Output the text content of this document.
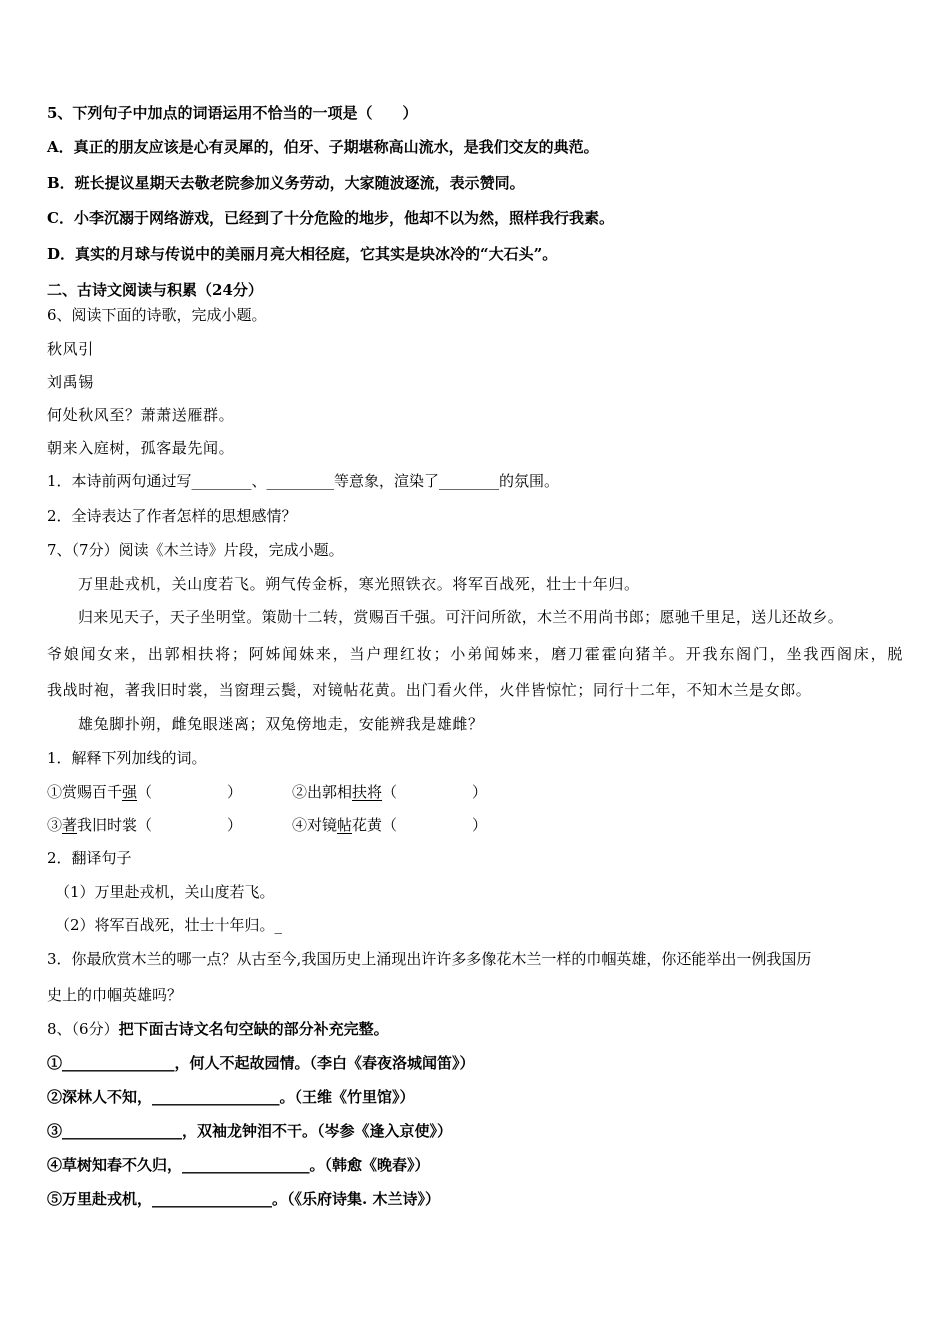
5、下列句子中加点的词语运用不恰当的一项是（　　）
A．真正的朋友应该是心有灵犀的，伯牙、子期堪称高山流水，是我们交友的典范。
B．班长提议星期天去敬老院参加义务劳动，大家随波逐流，表示赞同。
C．小李沉溺于网络游戏，已经到了十分危险的地步，他却不以为然，照样我行我素。
D．真实的月球与传说中的美丽月亮大相径庭，它其实是块冰冷的“大石头”。
二、古诗文阅读与积累（24分）
6、阅读下面的诗歌，完成小题。
秋风引
刘禹锡
何处秋风至？萧萧送雁群。
朝来入庭树，孤客最先闻。
1．本诗前两句通过写________、_________等意象，渲染了________的氛围。
2．全诗表达了作者怎样的思想感情？
7、（7分）阅读《木兰诗》片段，完成小题。
万里赴戎机，关山度若飞。朔气传金柝，寒光照铁衣。将军百战死，壮士十年归。
归来见天子，天子坐明堂。策勋十二转，赏赐百千强。可汗问所欲，木兰不用尚书郎；愿驰千里足，送儿还故乡。
爷娘闻女来，出郭相扶将；阿姊闻妹来，当户理红妆；小弟闻姊来，磨刀霍霍向猪羊。开我东阁门，坐我西阁床，脱
我战时袍，著我旧时裳，当窗理云鬓，对镜帖花黄。出门看火伴，火伴皆惊忙；同行十二年，不知木兰是女郎。
雄兔脚扑朔，雌兔眼迷离；双兔傍地走，安能辨我是雄雌？
1．解释下列加线的词。
①赏赐百千强（　　　　　）	②出郭相扶将（　　　　　）
③著我旧时裳（　　　　　）	④对镜帖花黄（　　　　　）
2．翻译句子
（1）万里赴戎机，关山度若飞。
（2）将军百战死，壮士十年归。_
3．你最欣赏木兰的哪一点？从古至今,我国历史上涌现出许许多多像花木兰一样的巾帼英雄，你还能举出一例我国历
史上的巾帼英雄吗？
8、（6分）把下面古诗文名句空缺的部分补充完整。
①_______________，何人不起故园情。（李白《春夜洛城闻笛》）
②深林人不知，_________________。（王维《竹里馆》）
③________________，双袖龙钟泪不干。（岑参《逢入京使》）
④草树知春不久归，_________________。（韩愈《晚春》）
⑤万里赴戎机，________________。（《乐府诗集. 木兰诗》）
